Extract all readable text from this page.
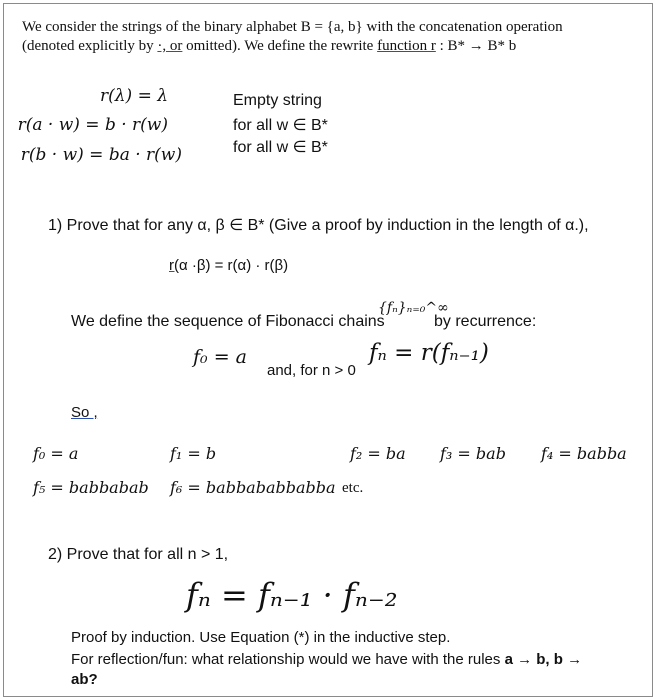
We consider the strings of the binary alphabet B = {a, b} with the concatenation operation
(denoted explicitly by ·, or omitted). We define the rewrite function r : B* → B* b
r(λ) = λ	Empty string
r(a · w) = b · r(w)	for all w ∈ B*
r(b · w) = ba · r(w)	for all w ∈ B*
1) Prove that for any α, β ∈ B* (Give a proof by induction in the length of α.),
r(α ·β) = r(α) · r(β)
We define the sequence of Fibonacci chains
{fₙ}ₙ₌₀^∞
by recurrence:
f₀ = a
and, for n > 0
fₙ = r(fₙ₋₁)
So ,
f₀ = a	f₁ = b	f₂ = ba f₃ = bab f₄ = babba
f₅ = babbabab f₆ = babbababbabba etc.
2) Prove that for all n > 1,
fₙ = fₙ₋₁ · fₙ₋₂
Proof by induction. Use Equation (*) in the inductive step.
For reflection/fun: what relationship would we have with the rules a → b, b →
ab?
